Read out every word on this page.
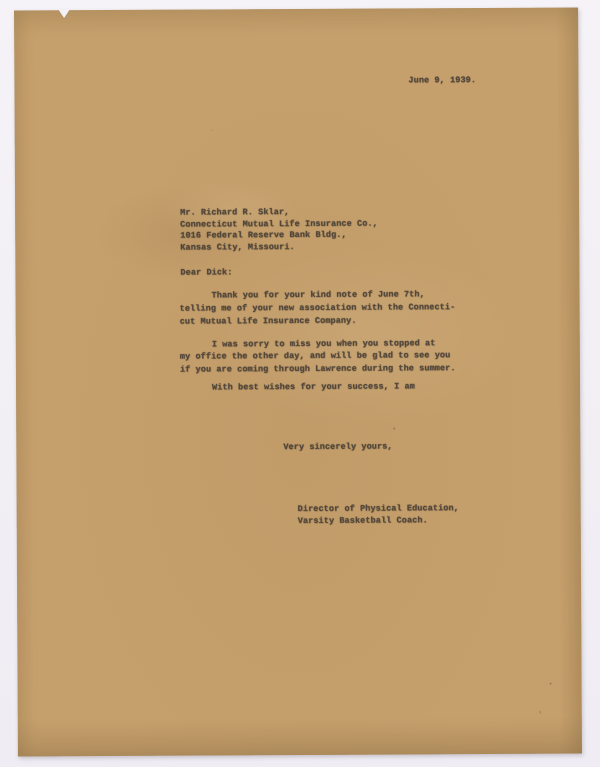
June 9, 1939.
Mr. Richard R. Sklar,
Connecticut Mutual Life Insurance Co.,
1016 Federal Reserve Bank Bldg.,
Kansas City, Missouri.
Dear Dick:
Thank you for your kind note of June 7th,
telling me of your new association with the Connecti-
cut Mutual Life Insurance Company.
I was sorry to miss you when you stopped at
my office the other day, and will be glad to see you
if you are coming through Lawrence during the summer.
With best wishes for your success, I am
Very sincerely yours,
Director of Physical Education,
Varsity Basketball Coach.
